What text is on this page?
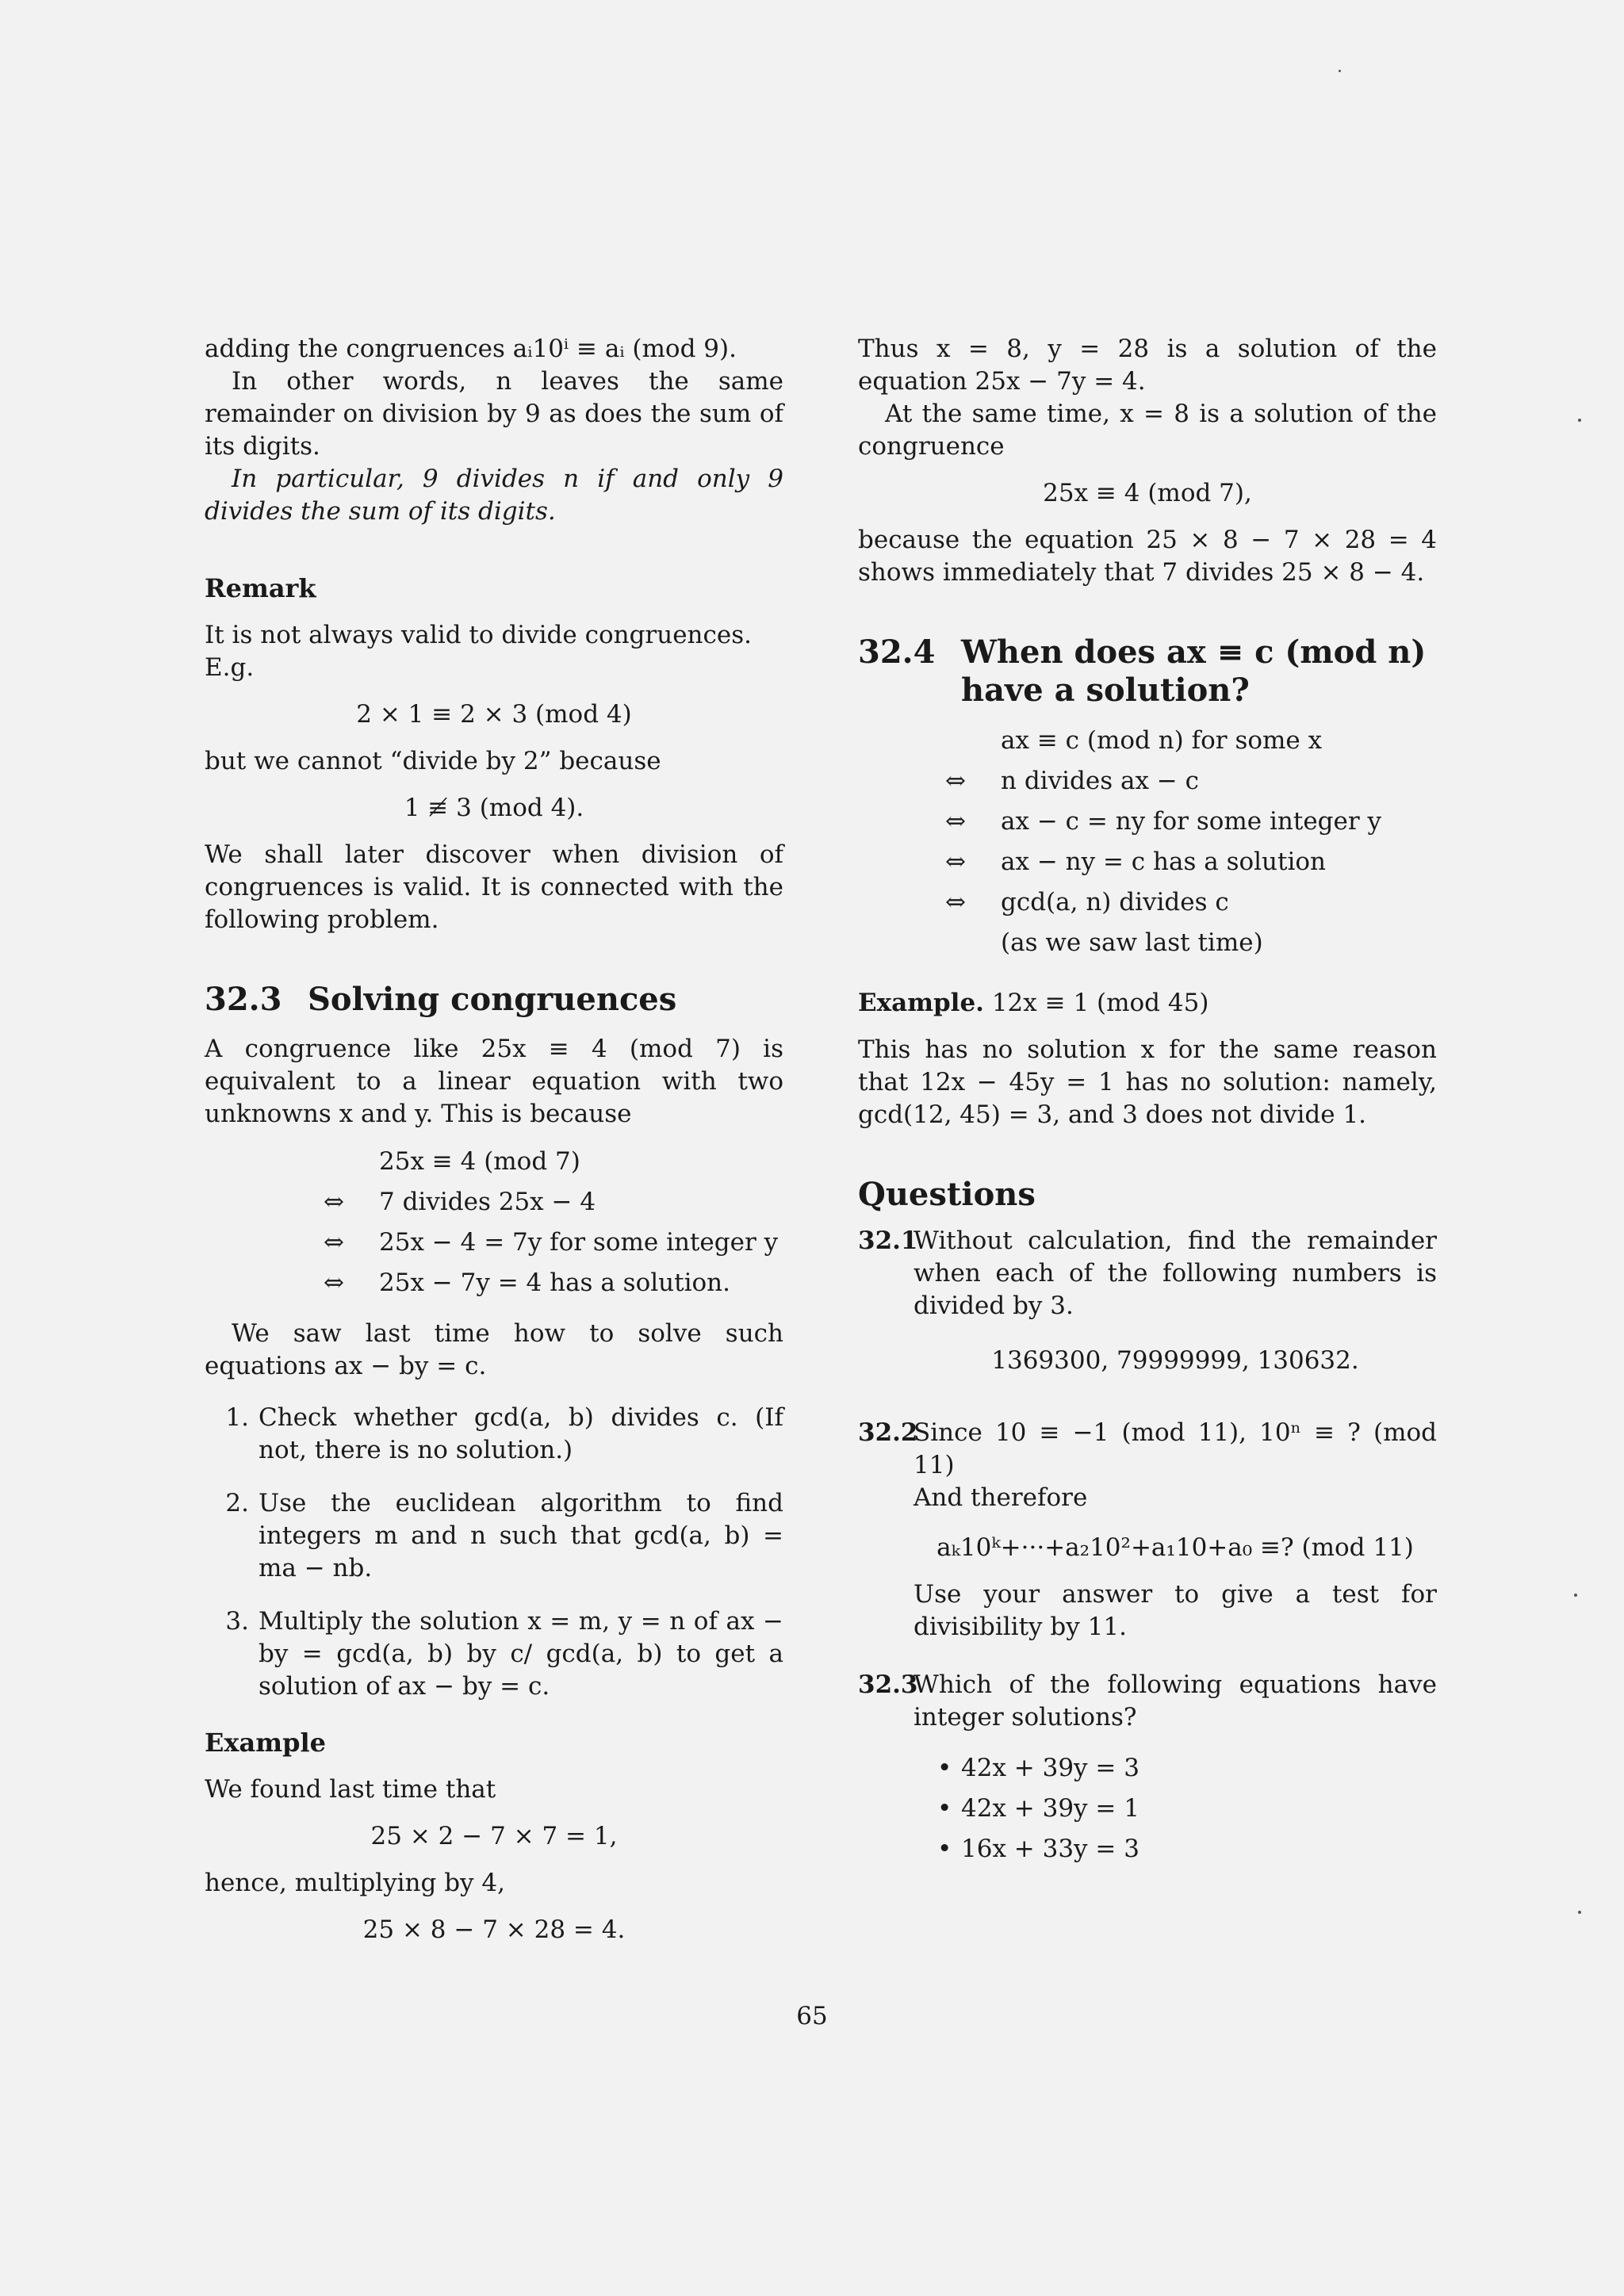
adding the congruences aᵢ10ⁱ ≡ aᵢ (mod 9).

In other words, n leaves the same remainder on division by 9 as does the sum of its digits.

In particular, 9 divides n if and only 9 divides the sum of its digits.

Remark

It is not always valid to divide congruences. E.g.

2 × 1 ≡ 2 × 3 (mod 4)

but we cannot “divide by 2” because

1 ≢ 3 (mod 4).

We shall later discover when division of congruences is valid. It is connected with the following problem.

32.3 Solving congruences

A congruence like 25x ≡ 4 (mod 7) is equivalent to a linear equation with two unknowns x and y. This is because

25x ≡ 4 (mod 7)
⇔	7 divides 25x − 4
⇔	25x − 4 = 7y for some integer y
⇔	25x − 7y = 4 has a solution.

We saw last time how to solve such equations ax − by = c.

1. Check whether gcd(a, b) divides c. (If not, there is no solution.)
2. Use the euclidean algorithm to find integers m and n such that gcd(a, b) = ma − nb.
3. Multiply the solution x = m, y = n of ax − by = gcd(a, b) by c/ gcd(a, b) to get a solution of ax − by = c.

Example

We found last time that

25 × 2 − 7 × 7 = 1,

hence, multiplying by 4,

25 × 8 − 7 × 28 = 4.

Thus x = 8, y = 28 is a solution of the equation 25x − 7y = 4.

At the same time, x = 8 is a solution of the congruence

25x ≡ 4 (mod 7),

because the equation 25 × 8 − 7 × 28 = 4 shows immediately that 7 divides 25 × 8 − 4.

32.4 When does ax ≡ c (mod n) have a solution?
ax ≡ c (mod n) for some x
⇔	n divides ax − c
⇔	ax − c = ny for some integer y
⇔	ax − ny = c has a solution
⇔	gcd(a, n) divides c
(as we saw last time)

Example. 12x ≡ 1 (mod 45)

This has no solution x for the same reason that 12x − 45y = 1 has no solution: namely, gcd(12, 45) = 3, and 3 does not divide 1.

Questions

32.1

Without calculation, find the remainder when each of the following numbers is divided by 3.

1369300, 79999999, 130632.

32.2

Since 10 ≡ −1 (mod 11), 10ⁿ ≡ ? (mod 11)

And therefore

aₖ10ᵏ+···+a₂10²+a₁10+a₀ ≡? (mod 11)

Use your answer to give a test for divisibility by 11.

32.3

Which of the following equations have integer solutions?

• 42x + 39y = 3
• 42x + 39y = 1
• 16x + 33y = 3
65
